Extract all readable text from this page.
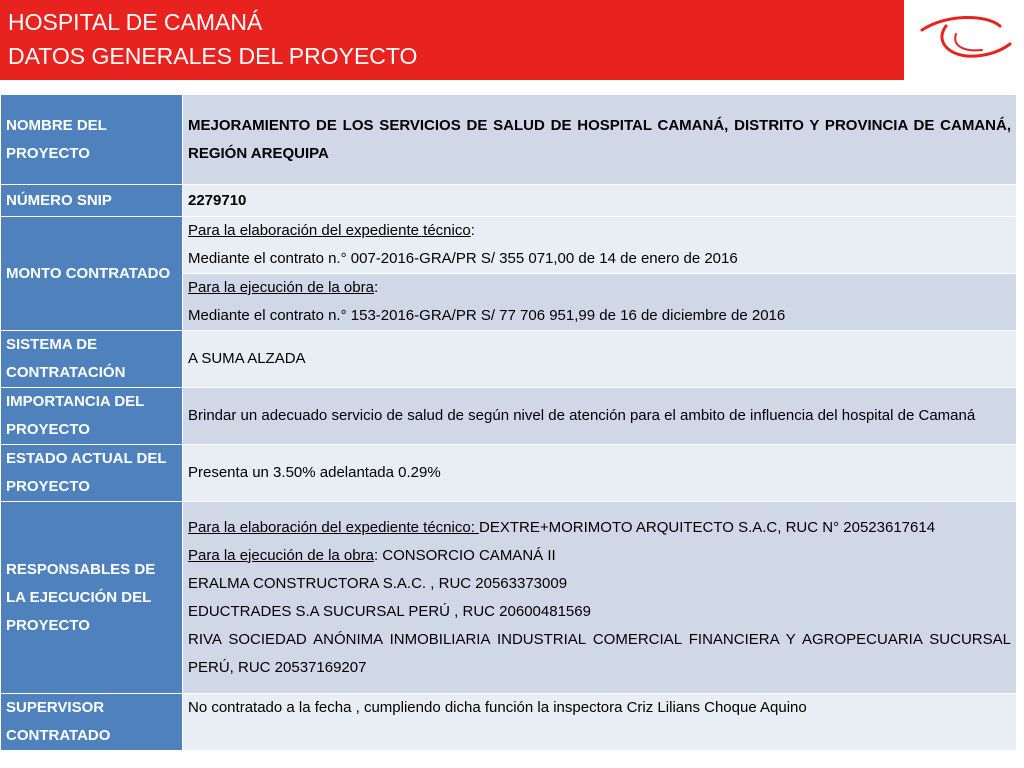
HOSPITAL DE CAMANÁ
DATOS GENERALES DEL PROYECTO
NOMBRE DEL PROYECTO	MEJORAMIENTO DE LOS SERVICIOS DE SALUD DE HOSPITAL CAMANÁ, DISTRITO Y PROVINCIA DE CAMANÁ, REGIÓN AREQUIPA
NÚMERO SNIP	2279710
MONTO CONTRATADO	Para la elaboración del expediente técnico:
Mediante el contrato n.° 007-2016-GRA/PR S/ 355 071,00 de 14 de enero de 2016
	Para la ejecución de la obra:
Mediante el contrato n.° 153-2016-GRA/PR S/ 77 706 951,99 de 16 de diciembre de 2016
SISTEMA DE CONTRATACIÓN	A SUMA ALZADA
IMPORTANCIA DEL PROYECTO	Brindar un adecuado servicio de salud de según nivel de atención para el ambito de influencia del hospital de Camaná
ESTADO ACTUAL DEL PROYECTO	Presenta un 3.50% adelantada 0.29%
RESPONSABLES DE LA EJECUCIÓN DEL PROYECTO	Para la elaboración del expediente técnico: DEXTRE+MORIMOTO ARQUITECTO S.A.C, RUC N° 20523617614
Para la ejecución de la obra: CONSORCIO CAMANÁ II
ERALMA CONSTRUCTORA S.A.C. , RUC 20563373009
EDUCTRADES S.A SUCURSAL PERÚ , RUC 20600481569
RIVA SOCIEDAD ANÓNIMA INMOBILIARIA INDUSTRIAL COMERCIAL FINANCIERA Y AGROPECUARIA SUCURSAL PERÚ, RUC 20537169207
SUPERVISOR CONTRATADO	No contratado a la fecha , cumpliendo dicha función la inspectora Criz Lilians Choque Aquino
